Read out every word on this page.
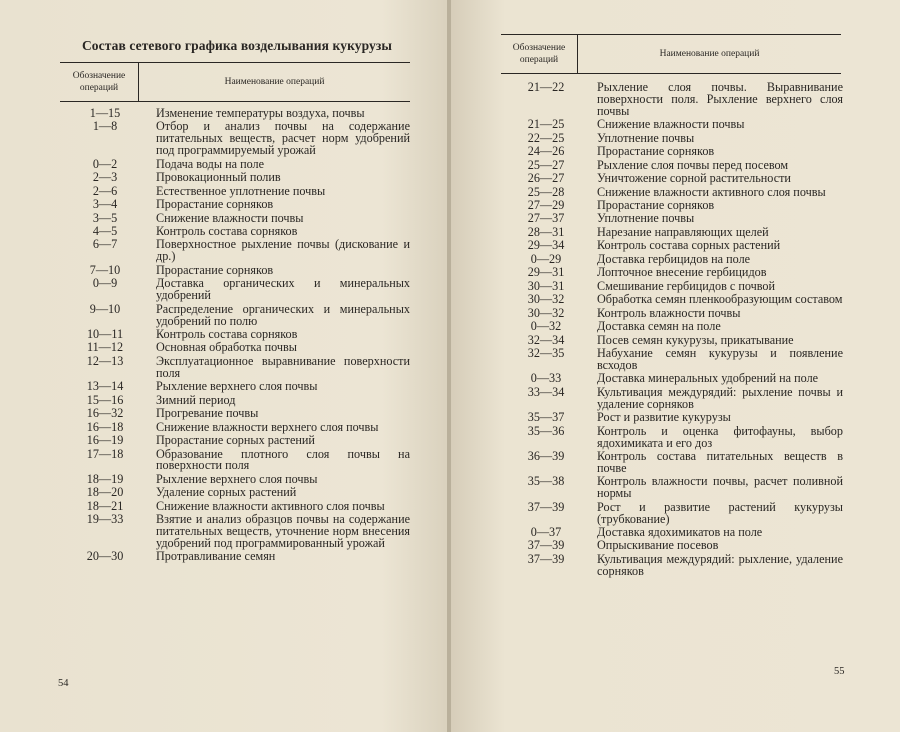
Состав сетевого графика возделывания кукурузы
Обозначение операций
Наименование операций
1—15	Изменение температуры воздуха, почвы
1—8	Отбор и анализ почвы на содержание питательных веществ, расчет норм удобрений под программируемый урожай
0—2	Подача воды на поле
2—3	Провокационный полив
2—6	Естественное уплотнение почвы
3—4	Прорастание сорняков
3—5	Снижение влажности почвы
4—5	Контроль состава сорняков
6—7	Поверхностное рыхление почвы (дискование и др.)
7—10	Прорастание сорняков
0—9	Доставка органических и минеральных удобрений
9—10	Распределение органических и минеральных удобрений по полю
10—11	Контроль состава сорняков
11—12	Основная обработка почвы
12—13	Эксплуатационное выравнивание поверхности поля
13—14	Рыхление верхнего слоя почвы
15—16	Зимний период
16—32	Прогревание почвы
16—18	Снижение влажности верхнего слоя почвы
16—19	Прорастание сорных растений
17—18	Образование плотного слоя почвы на поверхности поля
18—19	Рыхление верхнего слоя почвы
18—20	Удаление сорных растений
18—21	Снижение влажности активного слоя почвы
19—33	Взятие и анализ образцов почвы на содержание питательных веществ, уточнение норм внесения удобрений под программированный урожай
20—30	Протравливание семян
54
Обозначение операций
Наименование операций
21—22	Рыхление слоя почвы. Выравнивание поверхности поля. Рыхление верхнего слоя почвы
21—25	Снижение влажности почвы
22—25	Уплотнение почвы
24—26	Прорастание сорняков
25—27	Рыхление слоя почвы перед посевом
26—27	Уничтожение сорной растительности
25—28	Снижение влажности активного слоя почвы
27—29	Прорастание сорняков
27—37	Уплотнение почвы
28—31	Нарезание направляющих щелей
29—34	Контроль состава сорных растений
0—29	Доставка гербицидов на поле
29—31	Лопточное внесение гербицидов
30—31	Смешивание гербицидов с почвой
30—32	Обработка семян пленкообразующим составом
30—32	Контроль влажности почвы
0—32	Доставка семян на поле
32—34	Посев семян кукурузы, прикатывание
32—35	Набухание семян кукурузы и появление всходов
0—33	Доставка минеральных удобрений на поле
33—34	Культивация междурядий: рыхление почвы и удаление сорняков
35—37	Рост и развитие кукурузы
35—36	Контроль и оценка фитофауны, выбор ядохимиката и его доз
36—39	Контроль состава питательных веществ в почве
35—38	Контроль влажности почвы, расчет поливной нормы
37—39	Рост и развитие растений кукурузы (трубкование)
0—37	Доставка ядохимикатов на поле
37—39	Опрыскивание посевов
37—39	Культивация междурядий: рыхление, удаление сорняков
55
